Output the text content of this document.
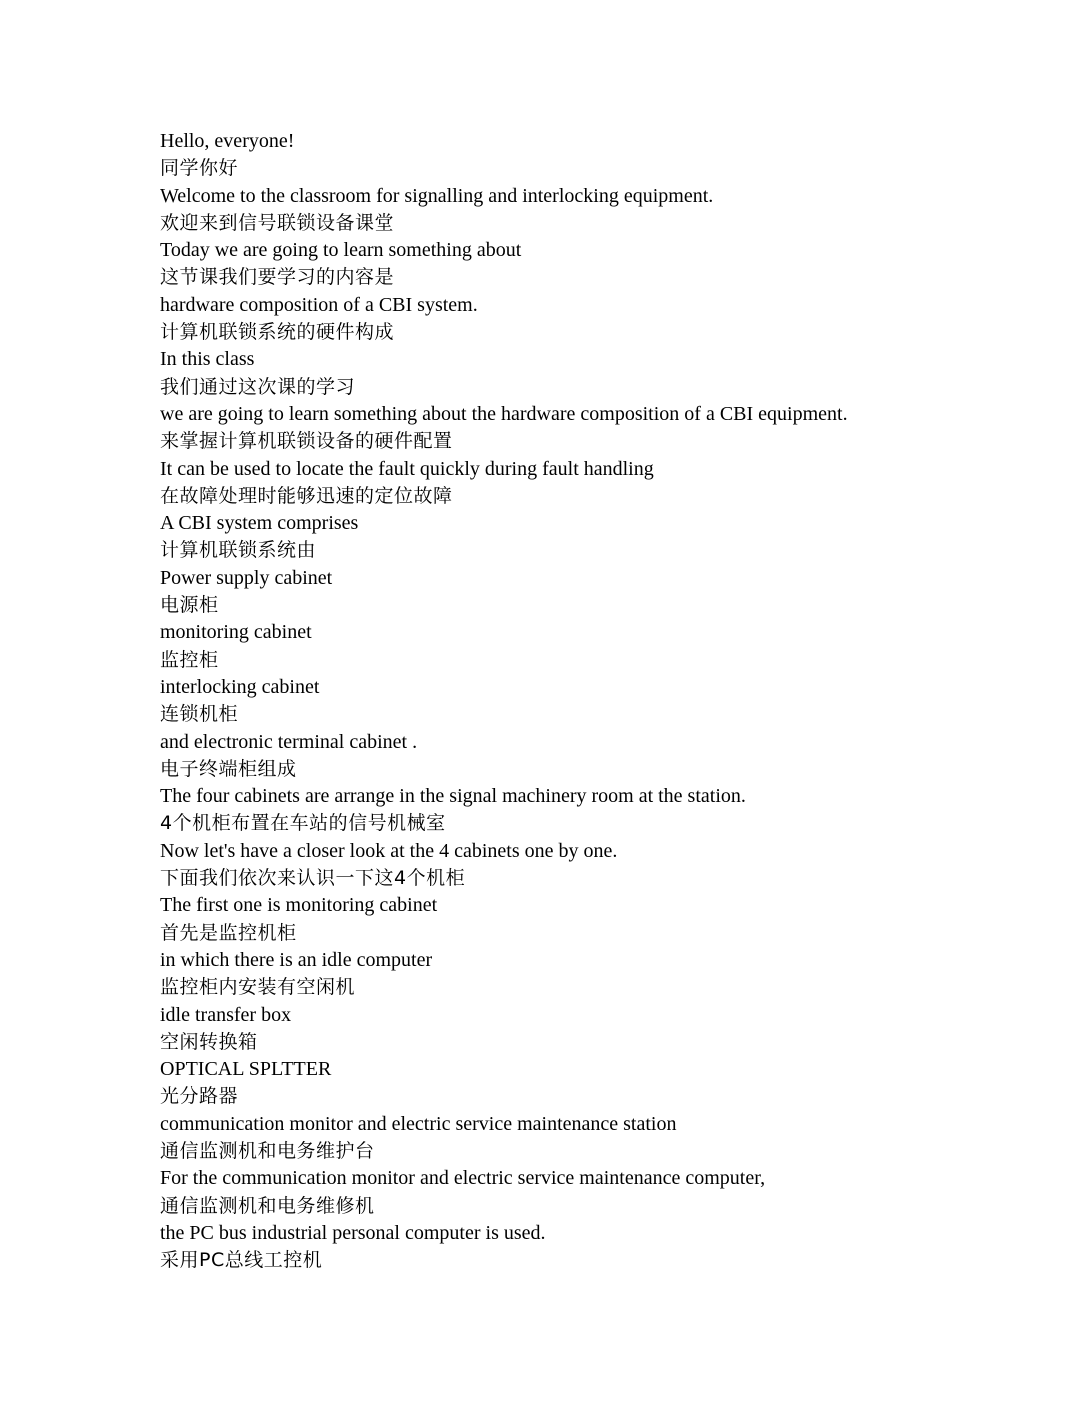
Hello, everyone!

同学你好

Welcome to the classroom for signalling and interlocking equipment.

欢迎来到信号联锁设备课堂

Today we are going to learn something about

这节课我们要学习的内容是

hardware composition of a CBI system.

计算机联锁系统的硬件构成

In this class

我们通过这次课的学习

we are going to learn something about the hardware composition of a CBI equipment.

来掌握计算机联锁设备的硬件配置

It can be used to locate the fault quickly during fault handling

在故障处理时能够迅速的定位故障

A CBI system comprises

计算机联锁系统由

Power supply cabinet

电源柜

monitoring cabinet

监控柜

interlocking cabinet

连锁机柜

and electronic terminal cabinet .

电子终端柜组成

The four cabinets are arrange in the signal machinery room at the station.

4个机柜布置在车站的信号机械室

Now let's have a closer look at the 4 cabinets one by one.

下面我们依次来认识一下这4个机柜

The first one is monitoring cabinet

首先是监控机柜

in which there is an idle computer

监控柜内安装有空闲机

idle transfer box

空闲转换箱

OPTICAL SPLTTER

光分路器

communication monitor and electric service maintenance station

通信监测机和电务维护台

For the communication monitor and electric service maintenance computer,

通信监测机和电务维修机

the PC bus industrial personal computer is used.

采用PC总线工控机
